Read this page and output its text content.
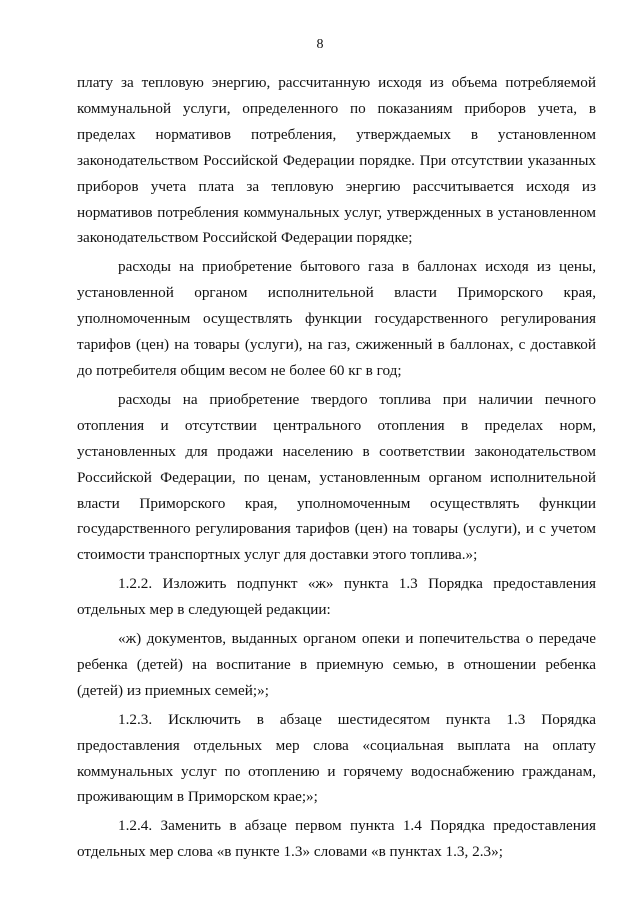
8

плату за тепловую энергию, рассчитанную исходя из объема потребляемой коммунальной услуги, определенного по показаниям приборов учета, в пределах нормативов потребления, утверждаемых в установленном законодательством Российской Федерации порядке. При отсутствии указанных приборов учета плата за тепловую энергию рассчитывается исходя из нормативов потребления коммунальных услуг, утвержденных в установленном законодательством Российской Федерации порядке;

расходы на приобретение бытового газа в баллонах исходя из цены, установленной органом исполнительной власти Приморского края, уполномоченным осуществлять функции государственного регулирования тарифов (цен) на товары (услуги), на газ, сжиженный в баллонах, с доставкой до потребителя общим весом не более 60 кг в год;

расходы на приобретение твердого топлива при наличии печного отопления и отсутствии центрального отопления в пределах норм, установленных для продажи населению в соответствии законодательством Российской Федерации, по ценам, установленным органом исполнительной власти Приморского края, уполномоченным осуществлять функции государственного регулирования тарифов (цен) на товары (услуги), и с учетом стоимости транспортных услуг для доставки этого топлива.»;

1.2.2. Изложить подпункт «ж» пункта 1.3 Порядка предоставления отдельных мер в следующей редакции:

«ж) документов, выданных органом опеки и попечительства о передаче ребенка (детей) на воспитание в приемную семью, в отношении ребенка (детей) из приемных семей;»;

1.2.3. Исключить в абзаце шестидесятом пункта 1.3 Порядка предоставления отдельных мер слова «социальная выплата на оплату коммунальных услуг по отоплению и горячему водоснабжению гражданам, проживающим в Приморском крае;»;

1.2.4. Заменить в абзаце первом пункта 1.4 Порядка предоставления отдельных мер слова «в пункте 1.3» словами «в пунктах 1.3, 2.3»;
